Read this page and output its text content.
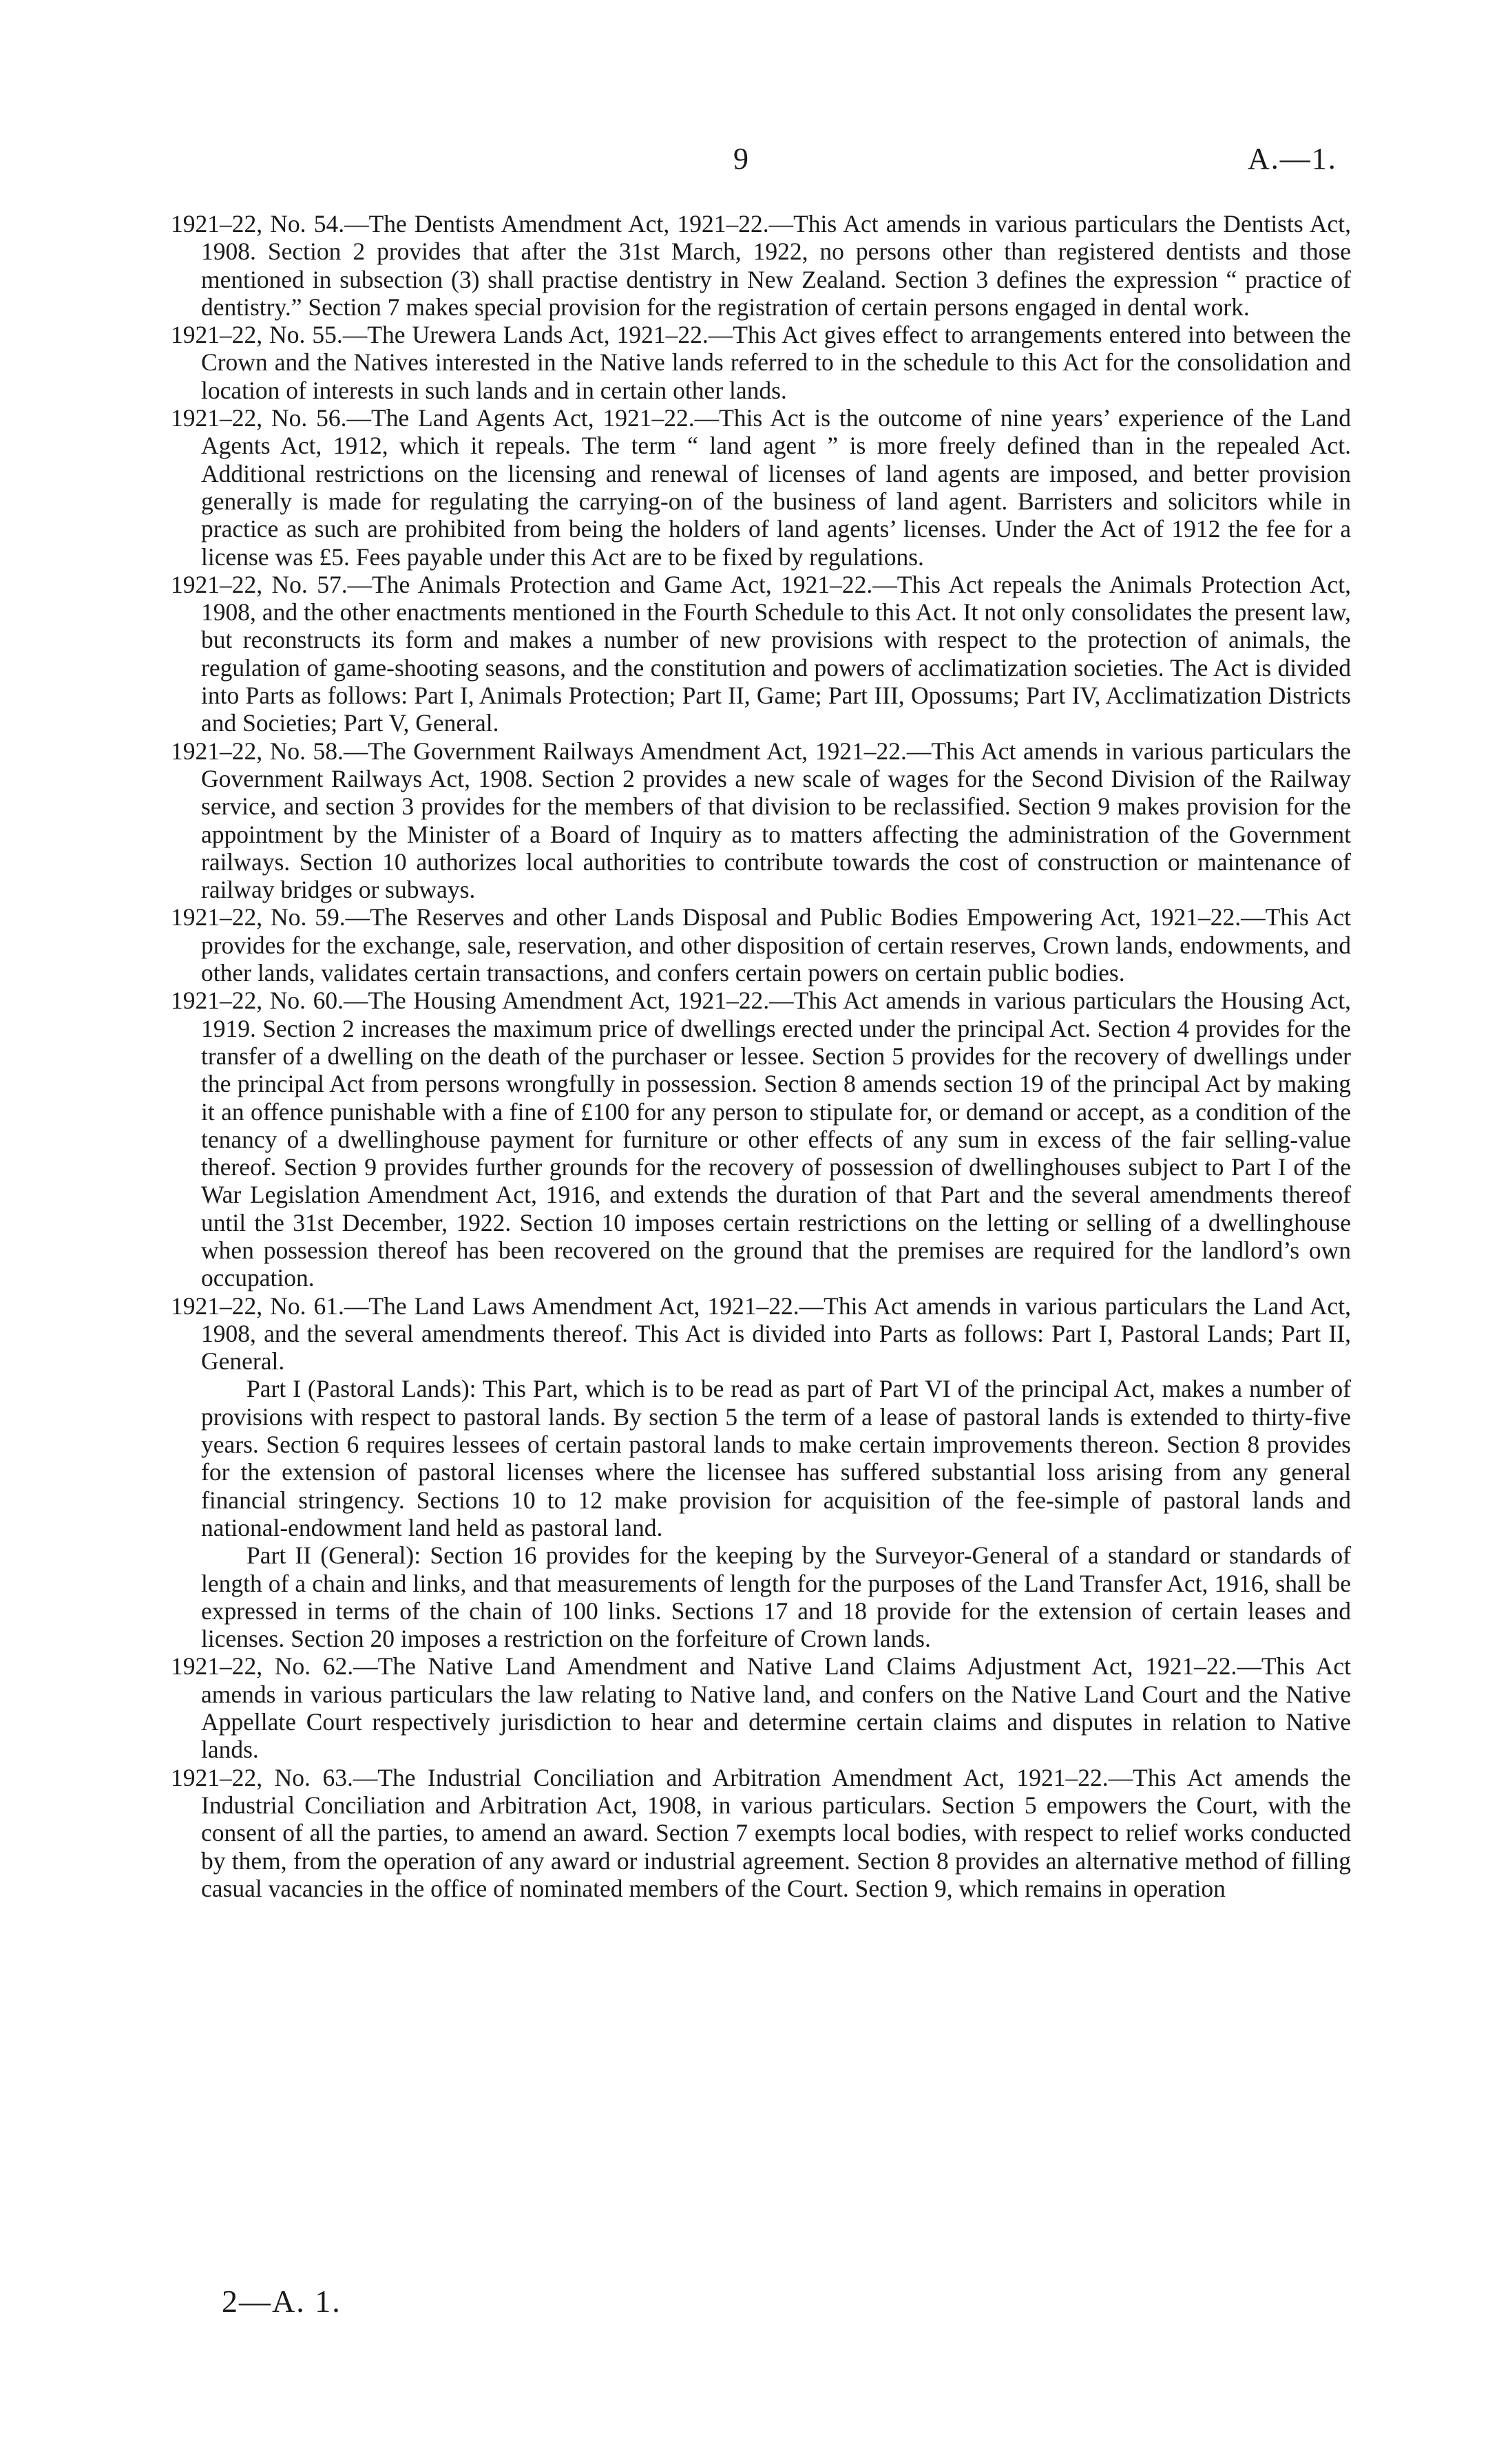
9	A.—1.

1921–22, No. 54.—The Dentists Amendment Act, 1921–22.—This Act amends in various particulars the Dentists Act, 1908. Section 2 provides that after the 31st March, 1922, no persons other than registered dentists and those mentioned in subsection (3) shall practise dentistry in New Zealand. Section 3 defines the expression “ practice of dentistry.” Section 7 makes special provision for the registration of certain persons engaged in dental work.

1921–22, No. 55.—The Urewera Lands Act, 1921–22.—This Act gives effect to arrangements entered into between the Crown and the Natives interested in the Native lands referred to in the schedule to this Act for the consolidation and location of interests in such lands and in certain other lands.

1921–22, No. 56.—The Land Agents Act, 1921–22.—This Act is the outcome of nine years’ experience of the Land Agents Act, 1912, which it repeals. The term “ land agent ” is more freely defined than in the repealed Act. Additional restrictions on the licensing and renewal of licenses of land agents are imposed, and better provision generally is made for regulating the carrying-on of the business of land agent. Barristers and solicitors while in practice as such are prohibited from being the holders of land agents’ licenses. Under the Act of 1912 the fee for a license was £5. Fees payable under this Act are to be fixed by regulations.

1921–22, No. 57.—The Animals Protection and Game Act, 1921–22.—This Act repeals the Animals Protection Act, 1908, and the other enactments mentioned in the Fourth Schedule to this Act. It not only consolidates the present law, but reconstructs its form and makes a number of new provisions with respect to the protection of animals, the regulation of game-shooting seasons, and the constitution and powers of acclimatization societies. The Act is divided into Parts as follows: Part I, Animals Protection; Part II, Game; Part III, Opossums; Part IV, Acclimatization Districts and Societies; Part V, General.

1921–22, No. 58.—The Government Railways Amendment Act, 1921–22.—This Act amends in various particulars the Government Railways Act, 1908. Section 2 provides a new scale of wages for the Second Division of the Railway service, and section 3 provides for the members of that division to be reclassified. Section 9 makes provision for the appointment by the Minister of a Board of Inquiry as to matters affecting the administration of the Government railways. Section 10 authorizes local authorities to contribute towards the cost of construction or maintenance of railway bridges or subways.

1921–22, No. 59.—The Reserves and other Lands Disposal and Public Bodies Empowering Act, 1921–22.—This Act provides for the exchange, sale, reservation, and other disposition of certain reserves, Crown lands, endowments, and other lands, validates certain transactions, and confers certain powers on certain public bodies.

1921–22, No. 60.—The Housing Amendment Act, 1921–22.—This Act amends in various particulars the Housing Act, 1919. Section 2 increases the maximum price of dwellings erected under the principal Act. Section 4 provides for the transfer of a dwelling on the death of the purchaser or lessee. Section 5 provides for the recovery of dwellings under the principal Act from persons wrongfully in possession. Section 8 amends section 19 of the principal Act by making it an offence punishable with a fine of £100 for any person to stipulate for, or demand or accept, as a condition of the tenancy of a dwellinghouse payment for furniture or other effects of any sum in excess of the fair selling-value thereof. Section 9 provides further grounds for the recovery of possession of dwellinghouses subject to Part I of the War Legislation Amendment Act, 1916, and extends the duration of that Part and the several amendments thereof until the 31st December, 1922. Section 10 imposes certain restrictions on the letting or selling of a dwellinghouse when possession thereof has been recovered on the ground that the premises are required for the landlord’s own occupation.

1921–22, No. 61.—The Land Laws Amendment Act, 1921–22.—This Act amends in various particulars the Land Act, 1908, and the several amendments thereof. This Act is divided into Parts as follows: Part I, Pastoral Lands; Part II, General.

Part I (Pastoral Lands): This Part, which is to be read as part of Part VI of the principal Act, makes a number of provisions with respect to pastoral lands. By section 5 the term of a lease of pastoral lands is extended to thirty-five years. Section 6 requires lessees of certain pastoral lands to make certain improvements thereon. Section 8 provides for the extension of pastoral licenses where the licensee has suffered substantial loss arising from any general financial stringency. Sections 10 to 12 make provision for acquisition of the fee-simple of pastoral lands and national-endowment land held as pastoral land.

Part II (General): Section 16 provides for the keeping by the Surveyor-General of a standard or standards of length of a chain and links, and that measurements of length for the purposes of the Land Transfer Act, 1916, shall be expressed in terms of the chain of 100 links. Sections 17 and 18 provide for the extension of certain leases and licenses. Section 20 imposes a restriction on the forfeiture of Crown lands.

1921–22, No. 62.—The Native Land Amendment and Native Land Claims Adjustment Act, 1921–22.—This Act amends in various particulars the law relating to Native land, and confers on the Native Land Court and the Native Appellate Court respectively jurisdiction to hear and determine certain claims and disputes in relation to Native lands.

1921–22, No. 63.—The Industrial Conciliation and Arbitration Amendment Act, 1921–22.—This Act amends the Industrial Conciliation and Arbitration Act, 1908, in various particulars. Section 5 empowers the Court, with the consent of all the parties, to amend an award. Section 7 exempts local bodies, with respect to relief works conducted by them, from the operation of any award or industrial agreement. Section 8 provides an alternative method of filling casual vacancies in the office of nominated members of the Court. Section 9, which remains in operation

2—A. 1.
